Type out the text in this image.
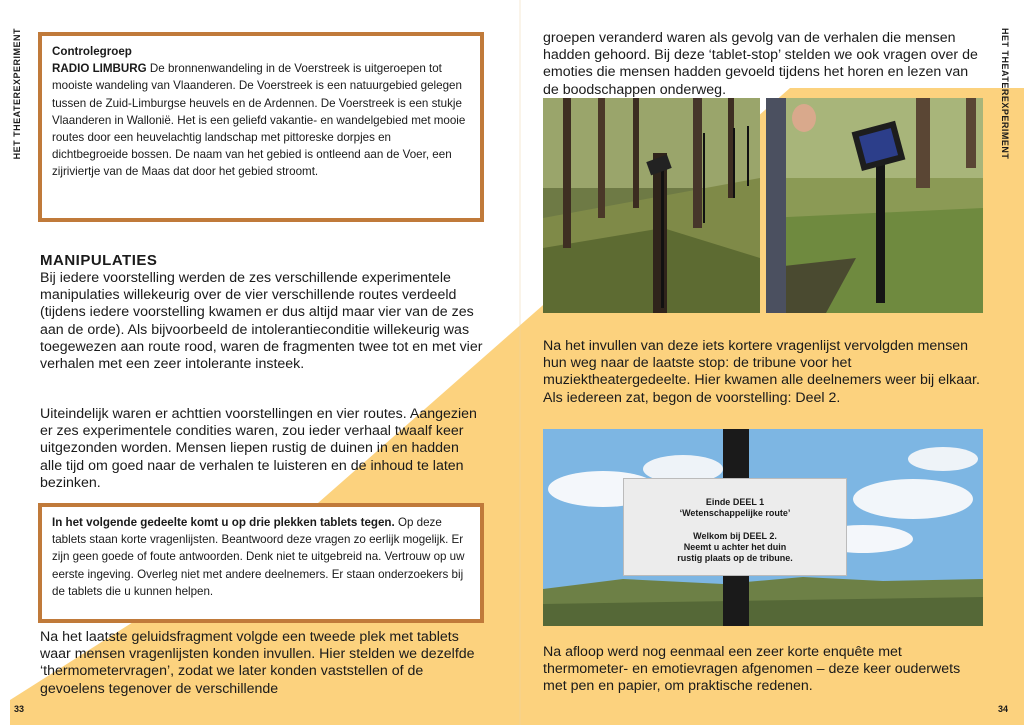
HET THEATEREXPERIMENT
33
Controlegroep
RADIO LIMBURG De bronnenwandeling in de Voerstreek is uitgeroepen tot mooiste wandeling van Vlaanderen. De Voerstreek is een natuurgebied gelegen tussen de Zuid-Limburgse heuvels en de Ardennen. De Voerstreek is een stukje Vlaanderen in Wallonië. Het is een geliefd vakantie- en wandelgebied met mooie routes door een heuvelachtig landschap met pittoreske dorpjes en dichtbegroeide bossen. De naam van het gebied is ontleend aan de Voer, een zijriviertje van de Maas dat door het gebied stroomt.
MANIPULATIES
Bij iedere voorstelling werden de zes verschillende experimentele manipulaties willekeurig over de vier verschillende routes verdeeld (tijdens iedere voorstelling kwamen er dus altijd maar vier van de zes aan de orde). Als bijvoorbeeld de intolerantieconditie willekeurig was toegewezen aan route rood, waren de fragmenten twee tot en met vier verhalen met een zeer intolerante insteek.
Uiteindelijk waren er achttien voorstellingen en vier routes. Aangezien er zes experimentele condities waren, zou ieder verhaal twaalf keer uitgezonden worden. Mensen liepen rustig de duinen in en hadden alle tijd om goed naar de verhalen te luisteren en de inhoud te laten bezinken.
In het volgende gedeelte komt u op drie plekken tablets tegen. Op deze tablets staan korte vragenlijsten. Beantwoord deze vragen zo eerlijk mogelijk. Er zijn geen goede of foute antwoorden. Denk niet te uitgebreid na. Vertrouw op uw eerste ingeving. Overleg niet met andere deelnemers. Er staan onderzoekers bij de tablets die u kunnen helpen.
Na het laatste geluidsfragment volgde een tweede plek met tablets waar mensen vragenlijsten konden invullen. Hier stelden we dezelfde ‘thermometervragen’, zodat we later konden vaststellen of de gevoelens tegenover de verschillende
HET THEATEREXPERIMENT
34
groepen veranderd waren als gevolg van de verhalen die mensen hadden gehoord. Bij deze ‘tablet-stop’ stelden we ook vragen over de emoties die mensen hadden gevoeld tijdens het horen en lezen van de boodschappen onderweg.
Na het invullen van deze iets kortere vragenlijst vervolgden mensen hun weg naar de laatste stop: de tribune voor het muziektheatergedeelte. Hier kwamen alle deelnemers weer bij elkaar. Als iedereen zat, begon de voorstelling: Deel 2.
Einde DEEL 1
‘Wetenschappelijke route’
Welkom bij DEEL 2.
Neemt u achter het duin
rustig plaats op de tribune.
Na afloop werd nog eenmaal een zeer korte enquête met thermometer- en emotievragen afgenomen – deze keer ouderwets met pen en papier, om praktische redenen.
